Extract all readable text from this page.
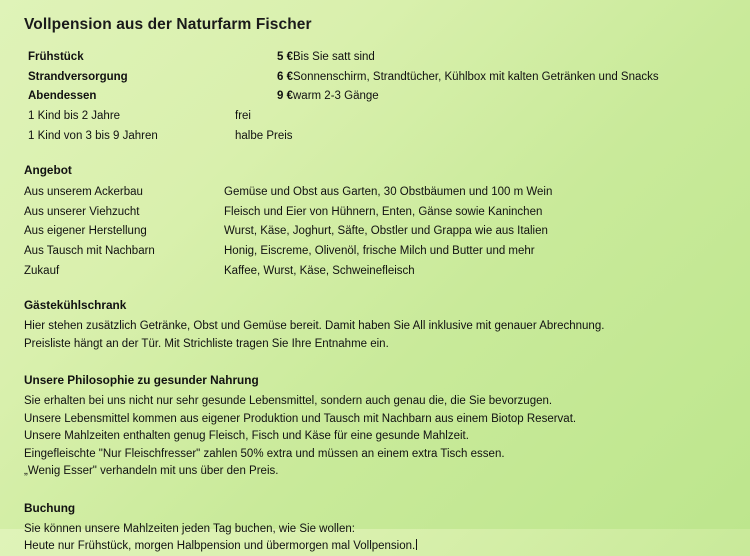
Vollpension aus der Naturfarm Fischer
Frühstück	5 €	Bis Sie satt sind
Strandversorgung	6 €	Sonnenschirm, Strandtücher, Kühlbox mit kalten Getränken und Snacks
Abendessen	9 €	warm 2-3 Gänge
1 Kind bis 2 Jahre	frei	
1 Kind von 3 bis 9 Jahren	halbe Preis	
Angebot
Aus unserem Ackerbau	Gemüse und Obst aus Garten, 30 Obstbäumen und 100 m Wein
Aus unserer Viehzucht	Fleisch und Eier von Hühnern, Enten, Gänse sowie Kaninchen
Aus eigener Herstellung	Wurst, Käse, Joghurt, Säfte, Obstler und Grappa wie aus Italien
Aus Tausch mit Nachbarn	Honig, Eiscreme, Olivenöl, frische Milch und Butter und mehr
Zukauf	Kaffee, Wurst, Käse, Schweinefleisch
Gästekühlschrank

Hier stehen zusätzlich Getränke, Obst und Gemüse bereit. Damit haben Sie All inklusive mit genauer Abrechnung.

Preisliste hängt an der Tür. Mit Strichliste tragen Sie Ihre Entnahme ein.

Unsere Philosophie zu gesunder Nahrung

Sie erhalten bei uns nicht nur sehr gesunde Lebensmittel, sondern auch genau die, die Sie bevorzugen.

Unsere Lebensmittel kommen aus eigener Produktion und Tausch mit Nachbarn aus einem Biotop Reservat.

Unsere Mahlzeiten enthalten genug Fleisch, Fisch und Käse für eine gesunde Mahlzeit.

Eingefleischte "Nur Fleischfresser" zahlen 50% extra und müssen an einem extra Tisch essen.

„Wenig Esser" verhandeln mit uns über den Preis.

Buchung

Sie können unsere Mahlzeiten jeden Tag buchen, wie Sie wollen:

Heute nur Frühstück, morgen Halbpension und übermorgen mal Vollpension.
